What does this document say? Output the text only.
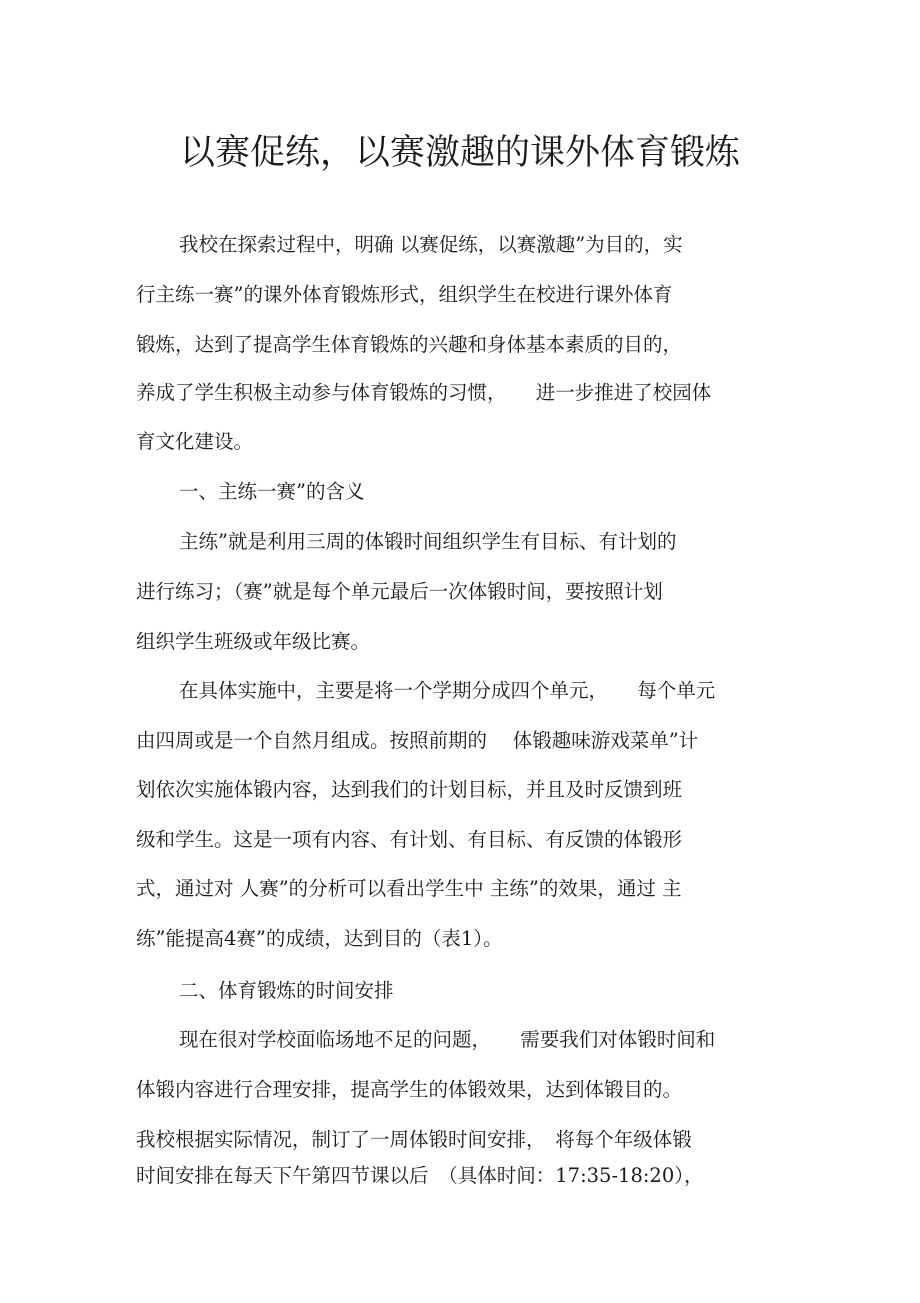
以赛促练，以赛激趣的课外体育锻炼

我校在探索过程中，明确 以赛促练，以赛激趣”为目的，实

行主练一赛”的课外体育锻炼形式，组织学生在校进行课外体育

锻炼，达到了提高学生体育锻炼的兴趣和身体基本素质的目的，

养成了学生积极主动参与体育锻炼的习惯，　　进一步推进了校园体

育文化建设。

一、主练一赛”的含义

主练”就是利用三周的体锻时间组织学生有目标、有计划的

进行练习；（赛”就是每个单元最后一次体锻时间，要按照计划

组织学生班级或年级比赛。

在具体实施中，主要是将一个学期分成四个单元，　　每个单元

由四周或是一个自然月组成。按照前期的　 体锻趣味游戏菜单”计

划依次实施体锻内容，达到我们的计划目标，并且及时反馈到班

级和学生。这是一项有内容、有计划、有目标、有反馈的体锻形

式，通过对 人赛”的分析可以看出学生中 主练”的效果，通过 主

练”能提高4赛”的成绩，达到目的（表1）。

二、体育锻炼的时间安排

现在很对学校面临场地不足的问题，　　需要我们对体锻时间和

体锻内容进行合理安排，提高学生的体锻效果，达到体锻目的。

我校根据实际情况，制订了一周体锻时间安排，　将每个年级体锻

时间安排在每天下午第四节课以后　（具体时间：17:35-18:20），
